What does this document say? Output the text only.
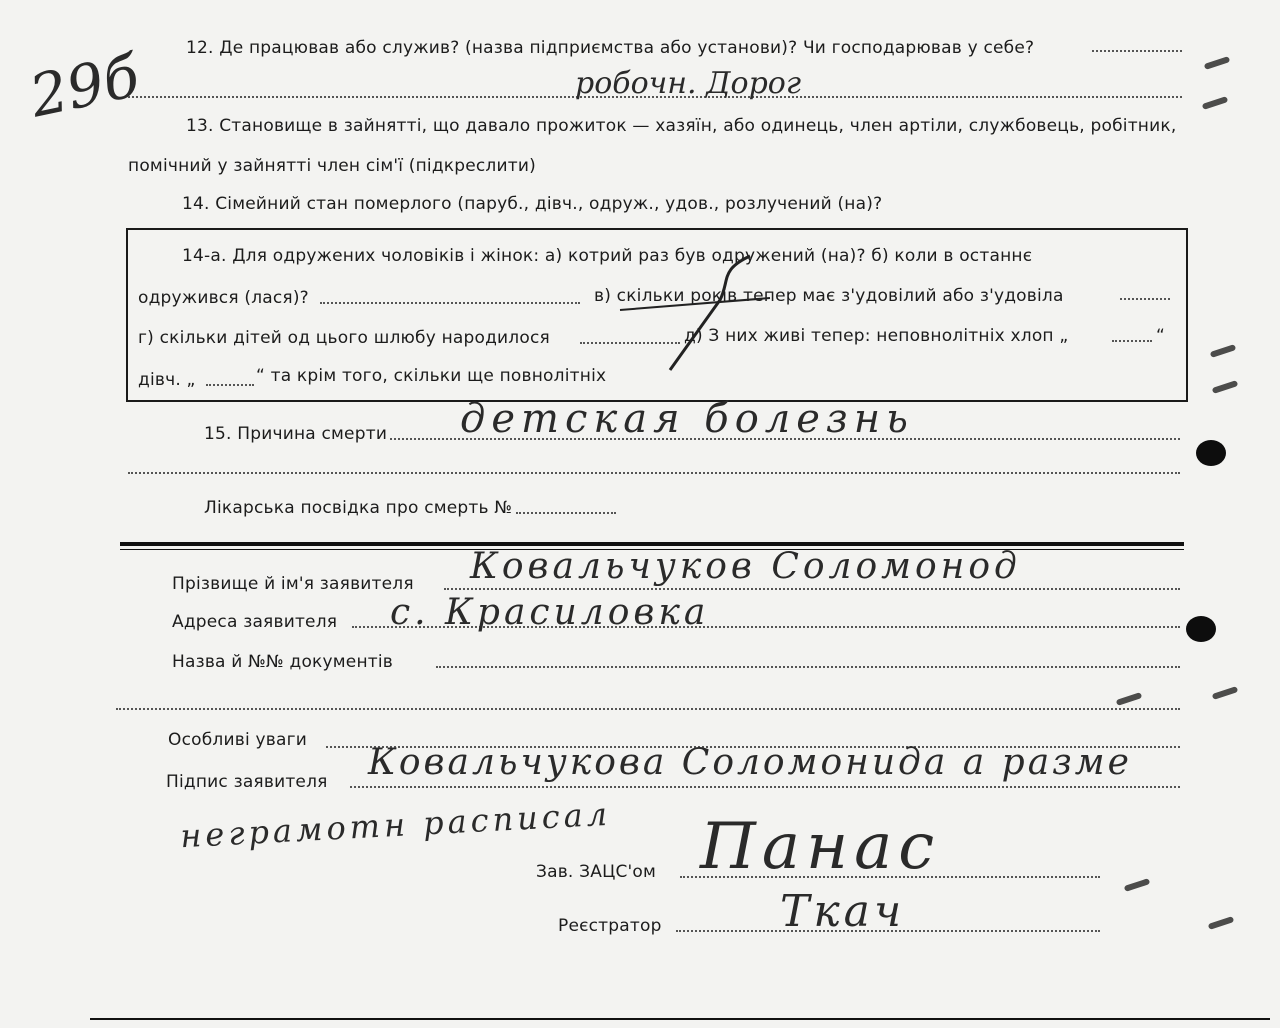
29б 12. Де працював або служив? (назва підприємства або установи)? Чи господарював у себе?
робочн. Дорог
13. Становище в зайнятті, що давало прожиток — хазяїн, або одинець, член артіли, службовець, робітник,
помічний у зайнятті член сім'ї (підкреслити)
14. Сімейний стан померлого (паруб., дівч., одруж., удов., розлучений (на)?
14-а. Для одружених чоловіків і жінок: а) котрий раз був одружений (на)? б) коли в останнє
одружився (лася)?	в) скільки років тепер має з'удовілий або з'удовіла
г) скільки дітей од цього шлюбу народилося	д) З них живі тепер: неповнолітніх хлоп „	“
дівч. „	“ та крім того, скільки ще повнолітніх
15. Причина смерти детская болезнь
Лікарська посвідка про смерть №
Прізвище й ім'я заявителя Ковальчуков Соломонод
Адреса заявителя с. Красиловка
Назва й №№ документів
Особливі уваги
Підпис заявителя Ковальчукова Соломонида а разме
неграмотн расписал
Зав. ЗАЦС'ом Панас
Реєстратор	Ткач
